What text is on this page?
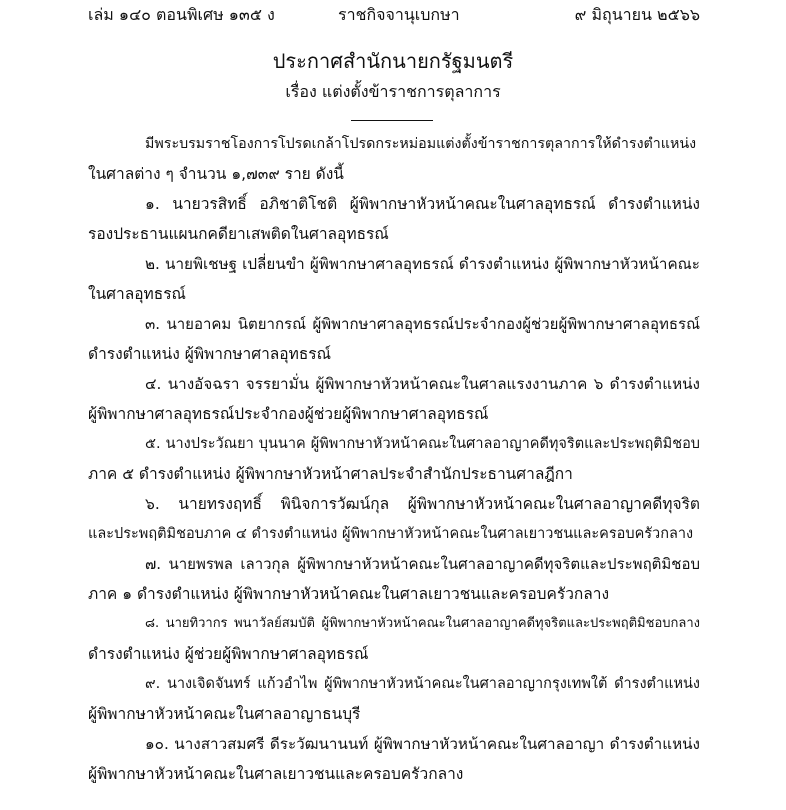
เล่ม ๑๔๐ ตอนพิเศษ ๑๓๕ ง	ราชกิจจานุเบกษา	๙ มิถุนายน ๒๕๖๖
ประกาศสำนักนายกรัฐมนตรี
เรื่อง แต่งตั้งข้าราชการตุลาการ
มีพระบรมราชโองการโปรดเกล้าโปรดกระหม่อมแต่งตั้งข้าราชการตุลาการให้ดำรงตำแหน่ง
ในศาลต่าง ๆ จำนวน ๑,๗๓๙ ราย ดังนี้
๑. นายวรสิทธิ์ อภิชาติโชติ ผู้พิพากษาหัวหน้าคณะในศาลอุทธรณ์ ดำรงตำแหน่ง
รองประธานแผนกคดียาเสพติดในศาลอุทธรณ์
๒. นายพิเชษฐ เปลี่ยนขำ ผู้พิพากษาศาลอุทธรณ์ ดำรงตำแหน่ง ผู้พิพากษาหัวหน้าคณะ
ในศาลอุทธรณ์
๓. นายอาคม นิตยากรณ์ ผู้พิพากษาศาลอุทธรณ์ประจำกองผู้ช่วยผู้พิพากษาศาลอุทธรณ์
ดำรงตำแหน่ง ผู้พิพากษาศาลอุทธรณ์
๔. นางอัจฉรา จรรยามั่น ผู้พิพากษาหัวหน้าคณะในศาลแรงงานภาค ๖ ดำรงตำแหน่ง
ผู้พิพากษาศาลอุทธรณ์ประจำกองผู้ช่วยผู้พิพากษาศาลอุทธรณ์
๕. นางประวัณยา บุนนาค ผู้พิพากษาหัวหน้าคณะในศาลอาญาคดีทุจริตและประพฤติมิชอบ
ภาค ๕ ดำรงตำแหน่ง ผู้พิพากษาหัวหน้าศาลประจำสำนักประธานศาลฎีกา
๖. นายทรงฤทธิ์ พินิจการวัฒน์กุล ผู้พิพากษาหัวหน้าคณะในศาลอาญาคดีทุจริต
และประพฤติมิชอบภาค ๔ ดำรงตำแหน่ง ผู้พิพากษาหัวหน้าคณะในศาลเยาวชนและครอบครัวกลาง
๗. นายพรพล เลาวกุล ผู้พิพากษาหัวหน้าคณะในศาลอาญาคดีทุจริตและประพฤติมิชอบ
ภาค ๑ ดำรงตำแหน่ง ผู้พิพากษาหัวหน้าคณะในศาลเยาวชนและครอบครัวกลาง
๘. นายทิวากร พนาวัลย์สมบัติ ผู้พิพากษาหัวหน้าคณะในศาลอาญาคดีทุจริตและประพฤติมิชอบกลาง
ดำรงตำแหน่ง ผู้ช่วยผู้พิพากษาศาลอุทธรณ์
๙. นางเจิดจันทร์ แก้วอำไพ ผู้พิพากษาหัวหน้าคณะในศาลอาญากรุงเทพใต้ ดำรงตำแหน่ง
ผู้พิพากษาหัวหน้าคณะในศาลอาญาธนบุรี
๑๐. นางสาวสมศรี ดีระวัฒนานนท์ ผู้พิพากษาหัวหน้าคณะในศาลอาญา ดำรงตำแหน่ง
ผู้พิพากษาหัวหน้าคณะในศาลเยาวชนและครอบครัวกลาง
